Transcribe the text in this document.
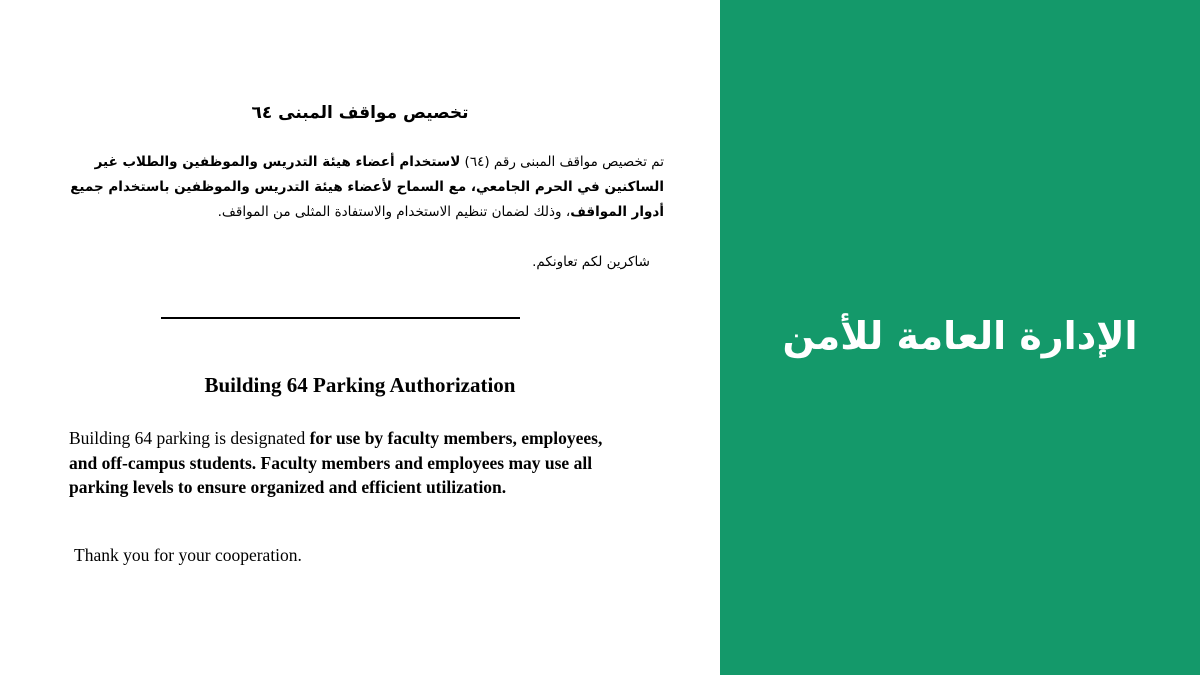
تخصيص مواقف المبنى ٦٤
تم تخصيص مواقف المبنى رقم (٦٤) لاستخدام أعضاء هيئة التدريس والموظفين والطلاب غير الساكنين في الحرم الجامعي، مع السماح لأعضاء هيئة التدريس والموظفين باستخدام جميع أدوار المواقف، وذلك لضمان تنظيم الاستخدام والاستفادة المثلى من المواقف.
شاكرين لكم تعاونكم.
Building 64 Parking Authorization
Building 64 parking is designated for use by faculty members, employees, and off-campus students. Faculty members and employees may use all parking levels to ensure organized and efficient utilization.
Thank you for your cooperation.
الإدارة العامة للأمن
